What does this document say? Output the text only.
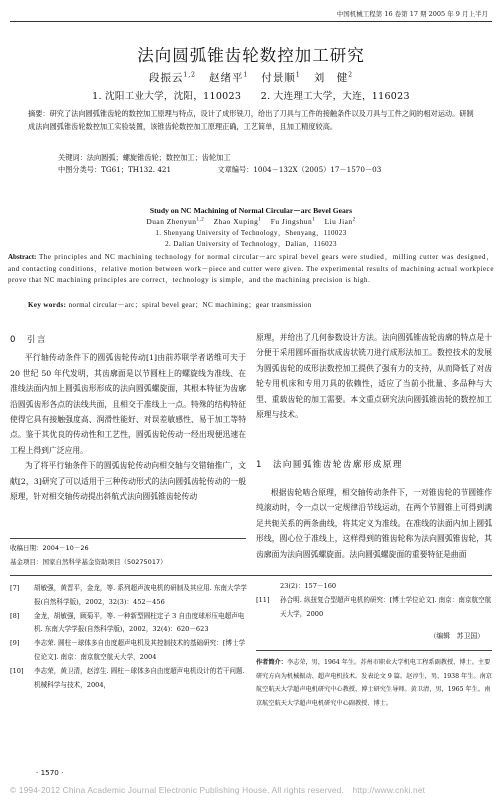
中国机械工程第 16 卷第 17 期 2005 年 9 月上半月
法向圆弧锥齿轮数控加工研究
段振云$^{1,2}$ 赵绪平$^1$ 付景顺$^1$ 刘　健$^2$
1. 沈阳工业大学，沈阳，110023　　2. 大连理工大学，大连，116023
摘要：研究了法向圆弧锥齿轮的数控加工原理与特点，设计了成形铣刀，给出了刀具与工件的接触条件以及刀具与工件之间的相对运动。研制成法向圆弧锥齿轮数控加工实验装置，该锥齿轮数控加工原理正确，工艺简单，且加工精度较高。
关键词：法向圆弧；螺旋锥齿轮；数控加工；齿轮加工
中图分类号：TG61；TH132. 421	文章编号：1004－132X（2005）17－1570－03
Study on NC Machining of Normal Circular－arc Bevel Gears
Duan Zhenyun$^{1,2}$ Zhao Xuping$^1$ Fu Jingshun$^1$ Liu Jian$^2$
1. Shenyang University of Technology，Shenyang，110023
2. Dalian University of Technology，Dalian，116023
Abstract: The principles and NC machining technology for normal circular－arc spiral bevel gears were studied，milling cutter was designed，and contacting conditions，relative motion between work－piece and cutter were given. The experimental results of machining actual workpiece prove that NC machining principles are correct，technology is simple，and the machining precision is high.
Key words: normal circular－arc；spiral bevel gear；NC machining；gear transmission
0　引言

平行轴传动条件下的圆弧齿轮传动[1]由前苏联学者诺维可夫于 20 世纪 50 年代发明，其齿廓面是以节圆柱上的螺旋线为准线、在准线法面内加上圆弧齿形形成的法向圆弧螺旋面，其根本特征为齿廓沿圆弧齿形各点的法线共面，且相交于准线上一点。特殊的结构特征使得它具有接触强度高、润滑性能好、对误差敏感性、易于加工等特点。鉴于其优良的传动性和工艺性，圆弧齿轮传动一经出现便迅速在工程上得到广泛应用。

为了将平行轴条件下的圆弧齿轮传动向相交轴与交错轴推广，文献[2，3]研究了可以适用于三种传动形式的法向圆弧齿轮传动的一般原理，针对相交轴传动提出斜航式法向圆弧锥齿轮传动

原理，并给出了几何参数设计方法。法向圆弧锥齿轮齿廓的特点是十分便于采用圆环面指状成齿状铣刀进行成形法加工。数控技术的发展为圆弧齿轮的成形法数控加工提供了强有力的支持，从而降低了对齿轮专用机床和专用刀具的依赖性，适应了当前小批量、多品种与大型、重载齿轮的加工需要。本文重点研究法向圆弧锥齿轮的数控加工原理与技术。

1　法向圆弧锥齿轮齿廓形成原理

根据齿轮啮合原理，相交轴传动条件下，一对锥齿轮的节圆锥作纯滚动时，令一点以一定规律沿节线运动，在两个节圆锥上可得到满足共轭关系的两条曲线，将其定义为准线。在准线的法面内加上圆弧形线，圆心位于准线上，这样得到的锥齿轮称为法向圆弧锥齿轮，其齿廓面为法向圆弧螺旋面。法向圆弧螺旋面的重要特征是曲面

收稿日期：2004－10－26
基金项目：国家自然科学基金资助项目（50275017）
[7]	胡敏强，黄晋平，金龙，等. 系列超声波电机的研制及其应用. 东南大学学报(自然科学版)，2002，32(3)：452－456
[8]	金龙，胡敏强，顾菊平，等. 一种新型圆柱定子 3 自由度球形压电超声电机. 东南大学学报(自然科学版)，2002，32(4)：620－623
[9]	李志荣. 圆柱－球体多自由度超声电机及其控制技术的基础研究：[博士学位论文]. 南京：南京航空航天大学，2004
[10]	李志荣，黄卫清，赵淳生. 圆柱－球体多自由度超声电机设计的若干问题. 机械科学与技术，2004，
23(2)：157－160
[11]	孙合明. 纵扭复合型超声电机的研究：[博士学位论文]. 南京：南京航空航天大学，2000
（编辑　苏卫国）
作者简介：李志荣，男，1964 年生。苏州市职业大学机电工程系副教授、博士。主要研究方向为机械振动、超声电机技术。发表论文 9 篇。赵淳生，男，1938 年生。南京航空航天大学超声电机研究中心教授、博士研究生导师。黄卫清，男，1965 年生。南京航空航天大学超声电机研究中心副教授、博士。
· 1570 ·
© 1994-2012 China Academic Journal Electronic Publishing House. All rights reserved.　http://www.cnki.net
